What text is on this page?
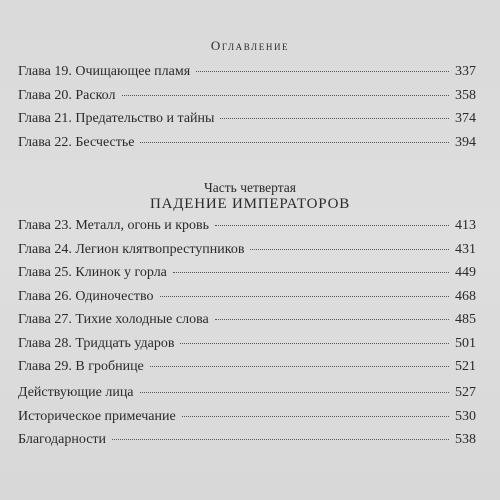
Оглавление
Глава 19. Очищающее пламя	337
Глава 20. Раскол	358
Глава 21. Предательство и тайны	374
Глава 22. Бесчестье	394
Часть четвертая
ПАДЕНИЕ ИМПЕРАТОРОВ
Глава 23. Металл, огонь и кровь	413
Глава 24. Легион клятвопреступников	431
Глава 25. Клинок у горла	449
Глава 26. Одиночество	468
Глава 27. Тихие холодные слова	485
Глава 28. Тридцать ударов	501
Глава 29. В гробнице	521
Действующие лица	527
Историческое примечание	530
Благодарности	538
